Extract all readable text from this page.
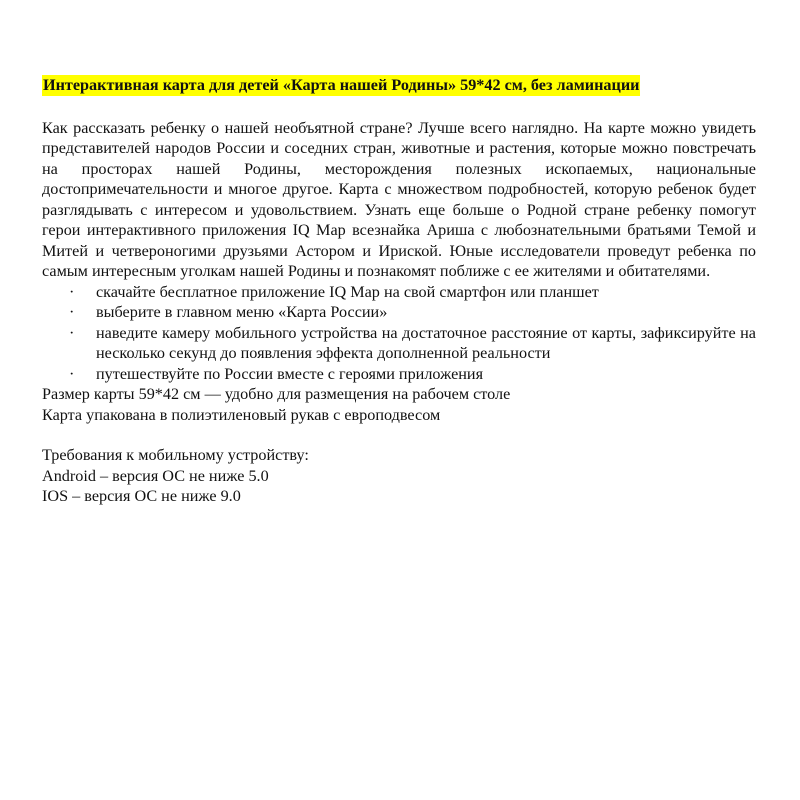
Интерактивная карта для детей «Карта нашей Родины» 59*42 см, без ламинации

Как рассказать ребенку о нашей необъятной стране? Лучше всего наглядно. На карте можно увидеть представителей народов России и соседних стран, животные и растения, которые можно повстречать на просторах нашей Родины, месторождения полезных ископаемых, национальные достопримечательности и многое другое. Карта с множеством подробностей, которую ребенок будет разглядывать с интересом и удовольствием. Узнать еще больше о Родной стране ребенку помогут герои интерактивного приложения IQ Map всезнайка Ариша с любознательными братьями Темой и Митей и четвероногими друзьями Астором и Ириской. Юные исследователи проведут ребенка по самым интересным уголкам нашей Родины и познакомят поближе с ее жителями и обитателями.

· скачайте бесплатное приложение IQ Map на свой смартфон или планшет
· выберите в главном меню «Карта России»
· наведите камеру мобильного устройства на достаточное расстояние от карты, зафиксируйте на несколько секунд до появления эффекта дополненной реальности
· путешествуйте по России вместе с героями приложения

Размер карты 59*42 см — удобно для размещения на рабочем столе

Карта упакована в полиэтиленовый рукав с европодвесом

Требования к мобильному устройству:

Android – версия ОС не ниже 5.0

IOS – версия ОС не ниже 9.0
